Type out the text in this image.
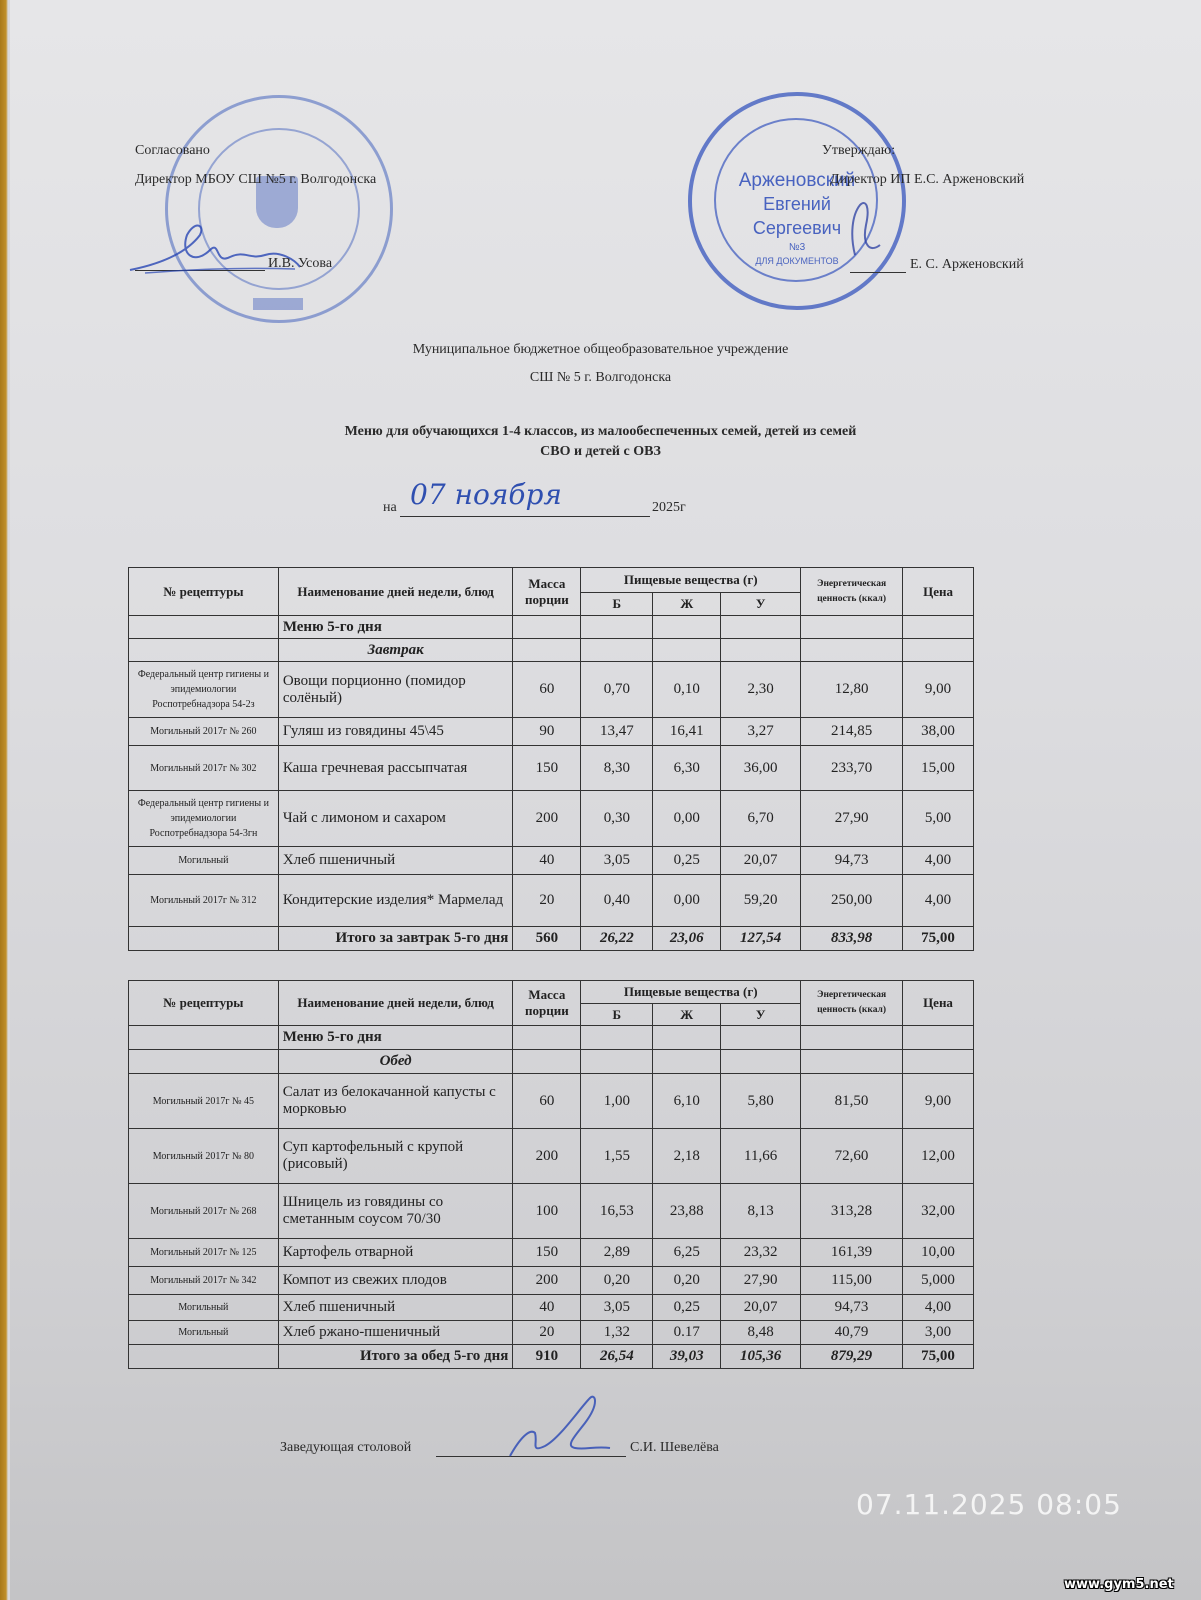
Согласовано
Директор МБОУ СШ №5 г. Волгодонска
И.В. Усова
Арженовский
Евгений
Сергеевич
№3
ДЛЯ ДОКУМЕНТОВ
Утверждаю:
Директор ИП Е.С. Арженовский
Е. С. Арженовский
Муниципальное бюджетное общеобразовательное учреждение
СШ № 5 г. Волгодонска
Меню для обучающихся 1-4 классов, из малообеспеченных семей, детей из семей
СВО и детей с ОВЗ
на 07 ноября	2025г
№ рецептуры	Наименование дней недели, блюд	Масса порции	Пищевые вещества (г)			Энергетическая ценность (ккал)	Цена
			Б	Ж	У		
	Меню 5-го дня						
	Завтрак						
Федеральный центр гигиены и эпидемиологии Роспотребнадзора 54-2з	Овощи порционно (помидор солёный)	60	0,70	0,10	2,30	12,80	9,00
Могильный 2017г № 260	Гуляш из говядины 45\45	90	13,47	16,41	3,27	214,85	38,00
Могильный 2017г № 302	Каша гречневая рассыпчатая	150	8,30	6,30	36,00	233,70	15,00
Федеральный центр гигиены и эпидемиологии Роспотребнадзора 54-3гн	Чай с лимоном и сахаром	200	0,30	0,00	6,70	27,90	5,00
Могильный	Хлеб пшеничный	40	3,05	0,25	20,07	94,73	4,00
Могильный 2017г № 312	Кондитерские изделия* Мармелад	20	0,40	0,00	59,20	250,00	4,00
	Итого за завтрак 5-го дня	560	26,22	23,06	127,54	833,98	75,00
№ рецептуры	Наименование дней недели, блюд	Масса порции	Пищевые вещества (г)			Энергетическая ценность (ккал)	Цена
			Б	Ж	У		
	Меню 5-го дня						
	Обед						
Могильный 2017г № 45	Салат из белокачанной капусты с морковью	60	1,00	6,10	5,80	81,50	9,00
Могильный 2017г № 80	Суп картофельный с крупой (рисовый)	200	1,55	2,18	11,66	72,60	12,00
Могильный 2017г № 268	Шницель из говядины со сметанным соусом 70/30	100	16,53	23,88	8,13	313,28	32,00
Могильный 2017г № 125	Картофель отварной	150	2,89	6,25	23,32	161,39	10,00
Могильный 2017г № 342	Компот из свежих плодов	200	0,20	0,20	27,90	115,00	5,000
Могильный	Хлеб пшеничный	40	3,05	0,25	20,07	94,73	4,00
Могильный	Хлеб ржано-пшеничный	20	1,32	0.17	8,48	40,79	3,00
	Итого за обед 5-го дня	910	26,54	39,03	105,36	879,29	75,00
Заведующая столовой	С.И. Шевелёва
07.11.2025 08:05
www.gym5.net
